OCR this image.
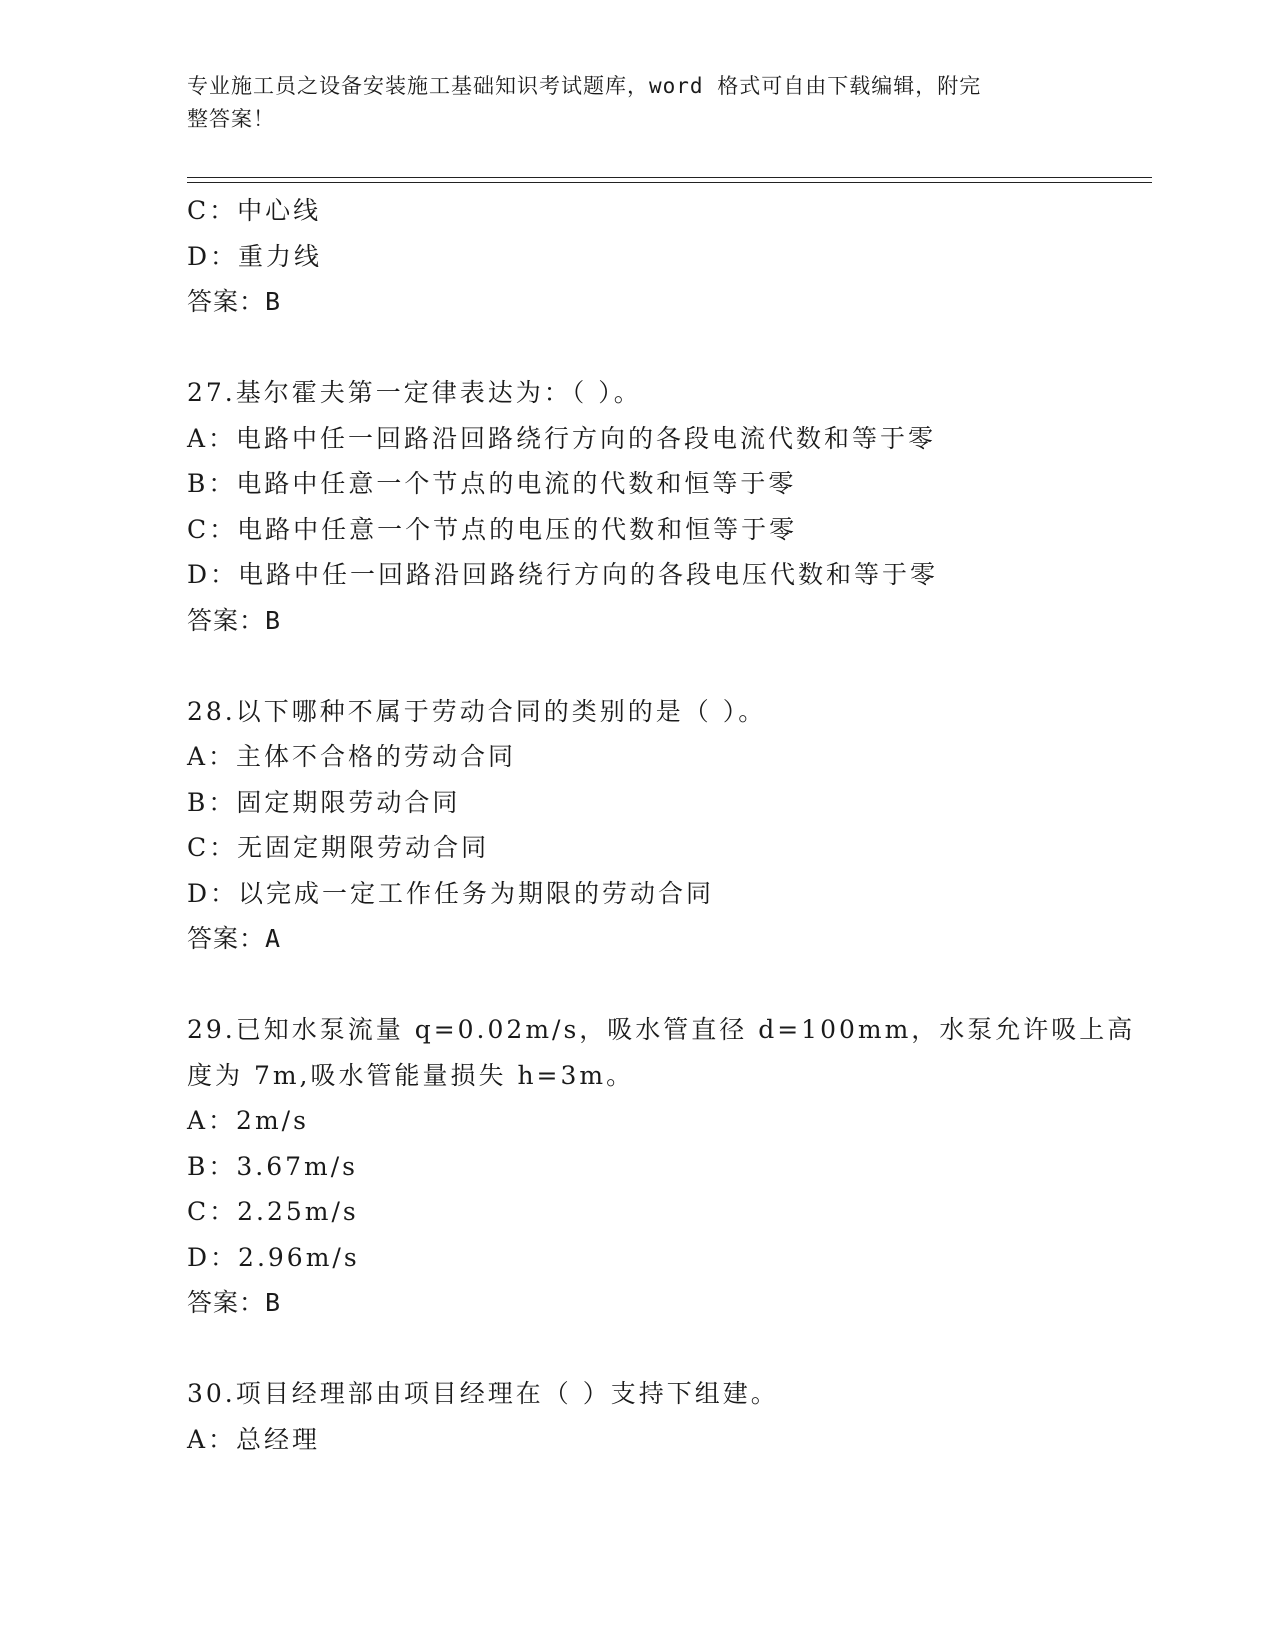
专业施工员之设备安装施工基础知识考试题库，word 格式可自由下载编辑，附完
整答案！
C：中心线
D：重力线
答案：B
27.基尔霍夫第一定律表达为：（ ）。
A：电路中任一回路沿回路绕行方向的各段电流代数和等于零
B：电路中任意一个节点的电流的代数和恒等于零
C：电路中任意一个节点的电压的代数和恒等于零
D：电路中任一回路沿回路绕行方向的各段电压代数和等于零
答案：B
28.以下哪种不属于劳动合同的类别的是（ ）。
A：主体不合格的劳动合同
B：固定期限劳动合同
C：无固定期限劳动合同
D：以完成一定工作任务为期限的劳动合同
答案：A
29.已知水泵流量 q=0.02m/s，吸水管直径 d=100mm，水泵允许吸上高
度为 7m,吸水管能量损失 h=3m。
A：2m/s
B：3.67m/s
C：2.25m/s
D：2.96m/s
答案：B
30.项目经理部由项目经理在（ ）支持下组建。
A：总经理
